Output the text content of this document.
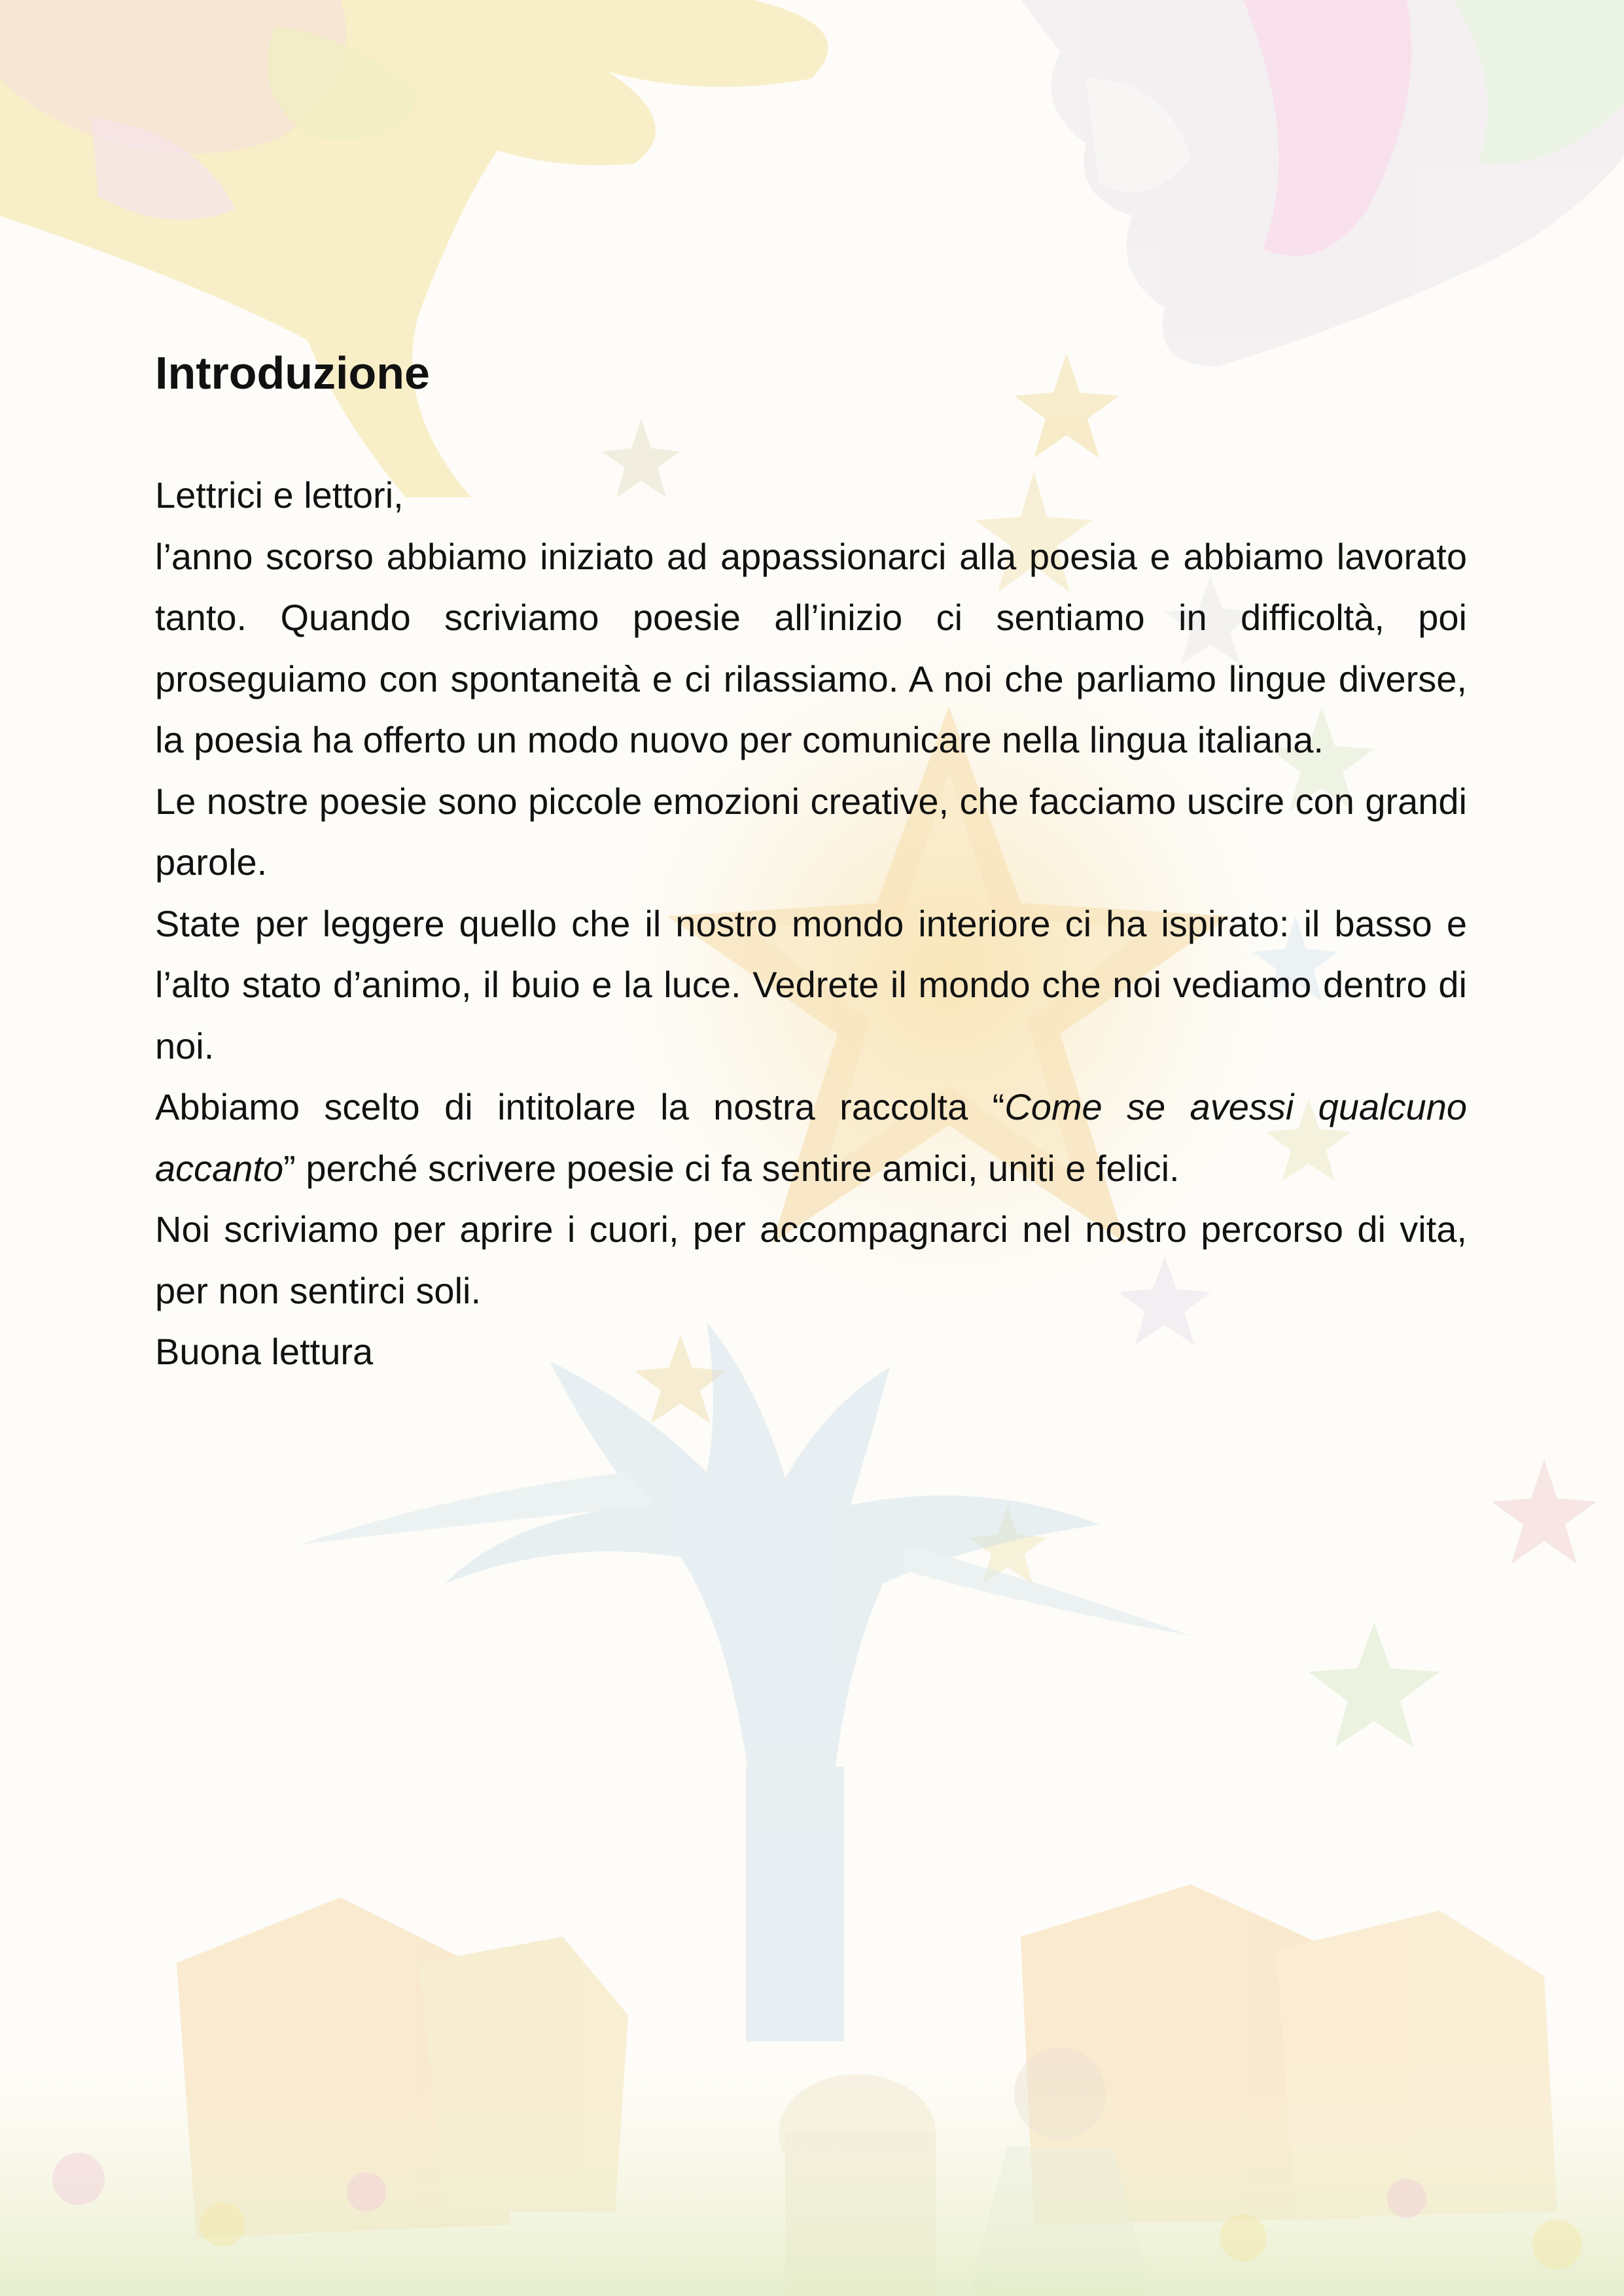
Introduzione

Lettrici e lettori,

l’anno scorso abbiamo iniziato ad appassionarci alla poesia e abbiamo lavorato tanto. Quando scriviamo poesie all’inizio ci sentiamo in difficoltà, poi proseguiamo con spontaneità e ci rilassiamo. A noi che parliamo lingue diverse, la poesia ha offerto un modo nuovo per comunicare nella lingua italiana.

Le nostre poesie sono piccole emozioni creative, che facciamo uscire con grandi parole.

State per leggere quello che il nostro mondo interiore ci ha ispirato: il basso e l’alto stato d’animo, il buio e la luce. Vedrete il mondo che noi vediamo dentro di noi.

Abbiamo scelto di intitolare la nostra raccolta “Come se avessi qualcuno accanto” perché scrivere poesie ci fa sentire amici, uniti e felici.

Noi scriviamo per aprire i cuori, per accompagnarci nel nostro percorso di vita, per non sentirci soli.

Buona lettura
